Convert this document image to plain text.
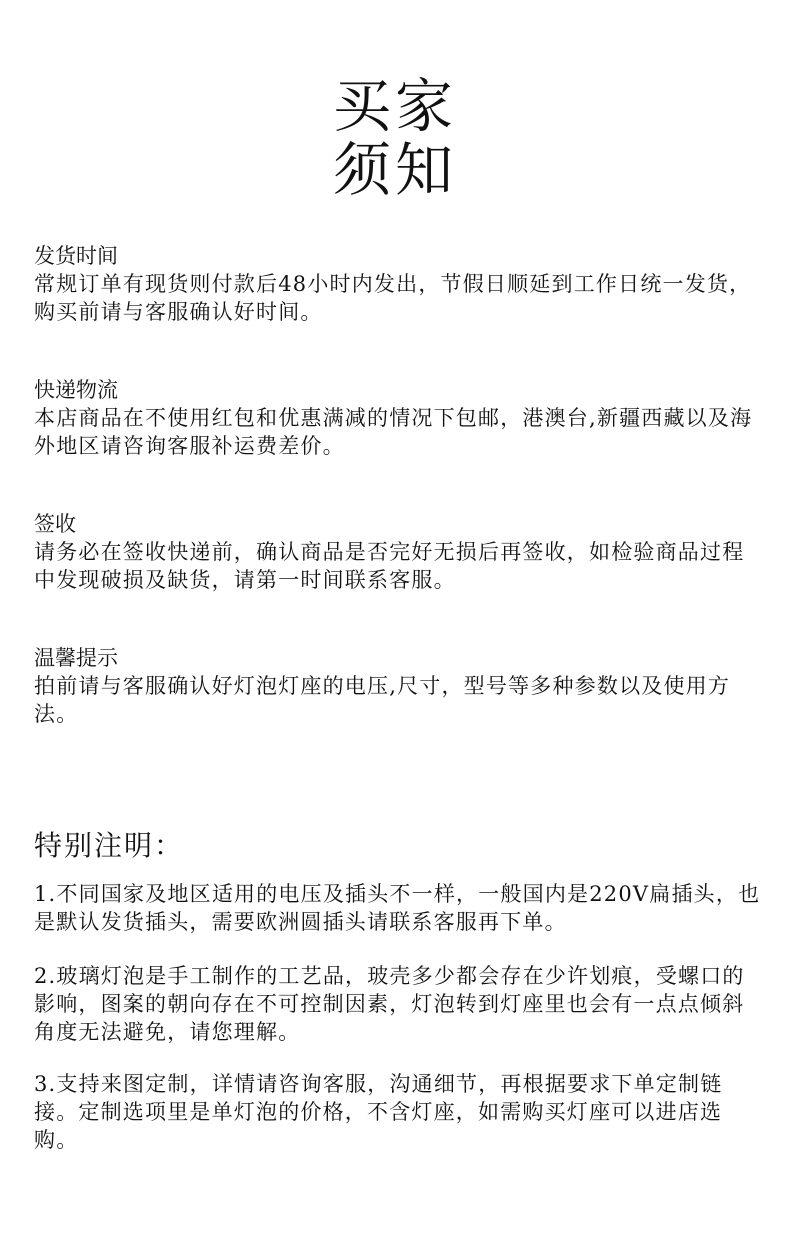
买家
须知
发货时间
常规订单有现货则付款后48小时内发出，节假日顺延到工作日统一发货，购买前请与客服确认好时间。
快递物流
本店商品在不使用红包和优惠满减的情况下包邮，港澳台,新疆西藏以及海外地区请咨询客服补运费差价。
签收
请务必在签收快递前，确认商品是否完好无损后再签收，如检验商品过程中发现破损及缺货，请第一时间联系客服。
温馨提示
拍前请与客服确认好灯泡灯座的电压,尺寸，型号等多种参数以及使用方法。
特别注明：
1.不同国家及地区适用的电压及插头不一样，一般国内是220V扁插头，也是默认发货插头，需要欧洲圆插头请联系客服再下单。
2.玻璃灯泡是手工制作的工艺品，玻壳多少都会存在少许划痕，受螺口的影响，图案的朝向存在不可控制因素，灯泡转到灯座里也会有一点点倾斜角度无法避免，请您理解。
3.支持来图定制，详情请咨询客服，沟通细节，再根据要求下单定制链接。定制选项里是单灯泡的价格，不含灯座，如需购买灯座可以进店选购。
